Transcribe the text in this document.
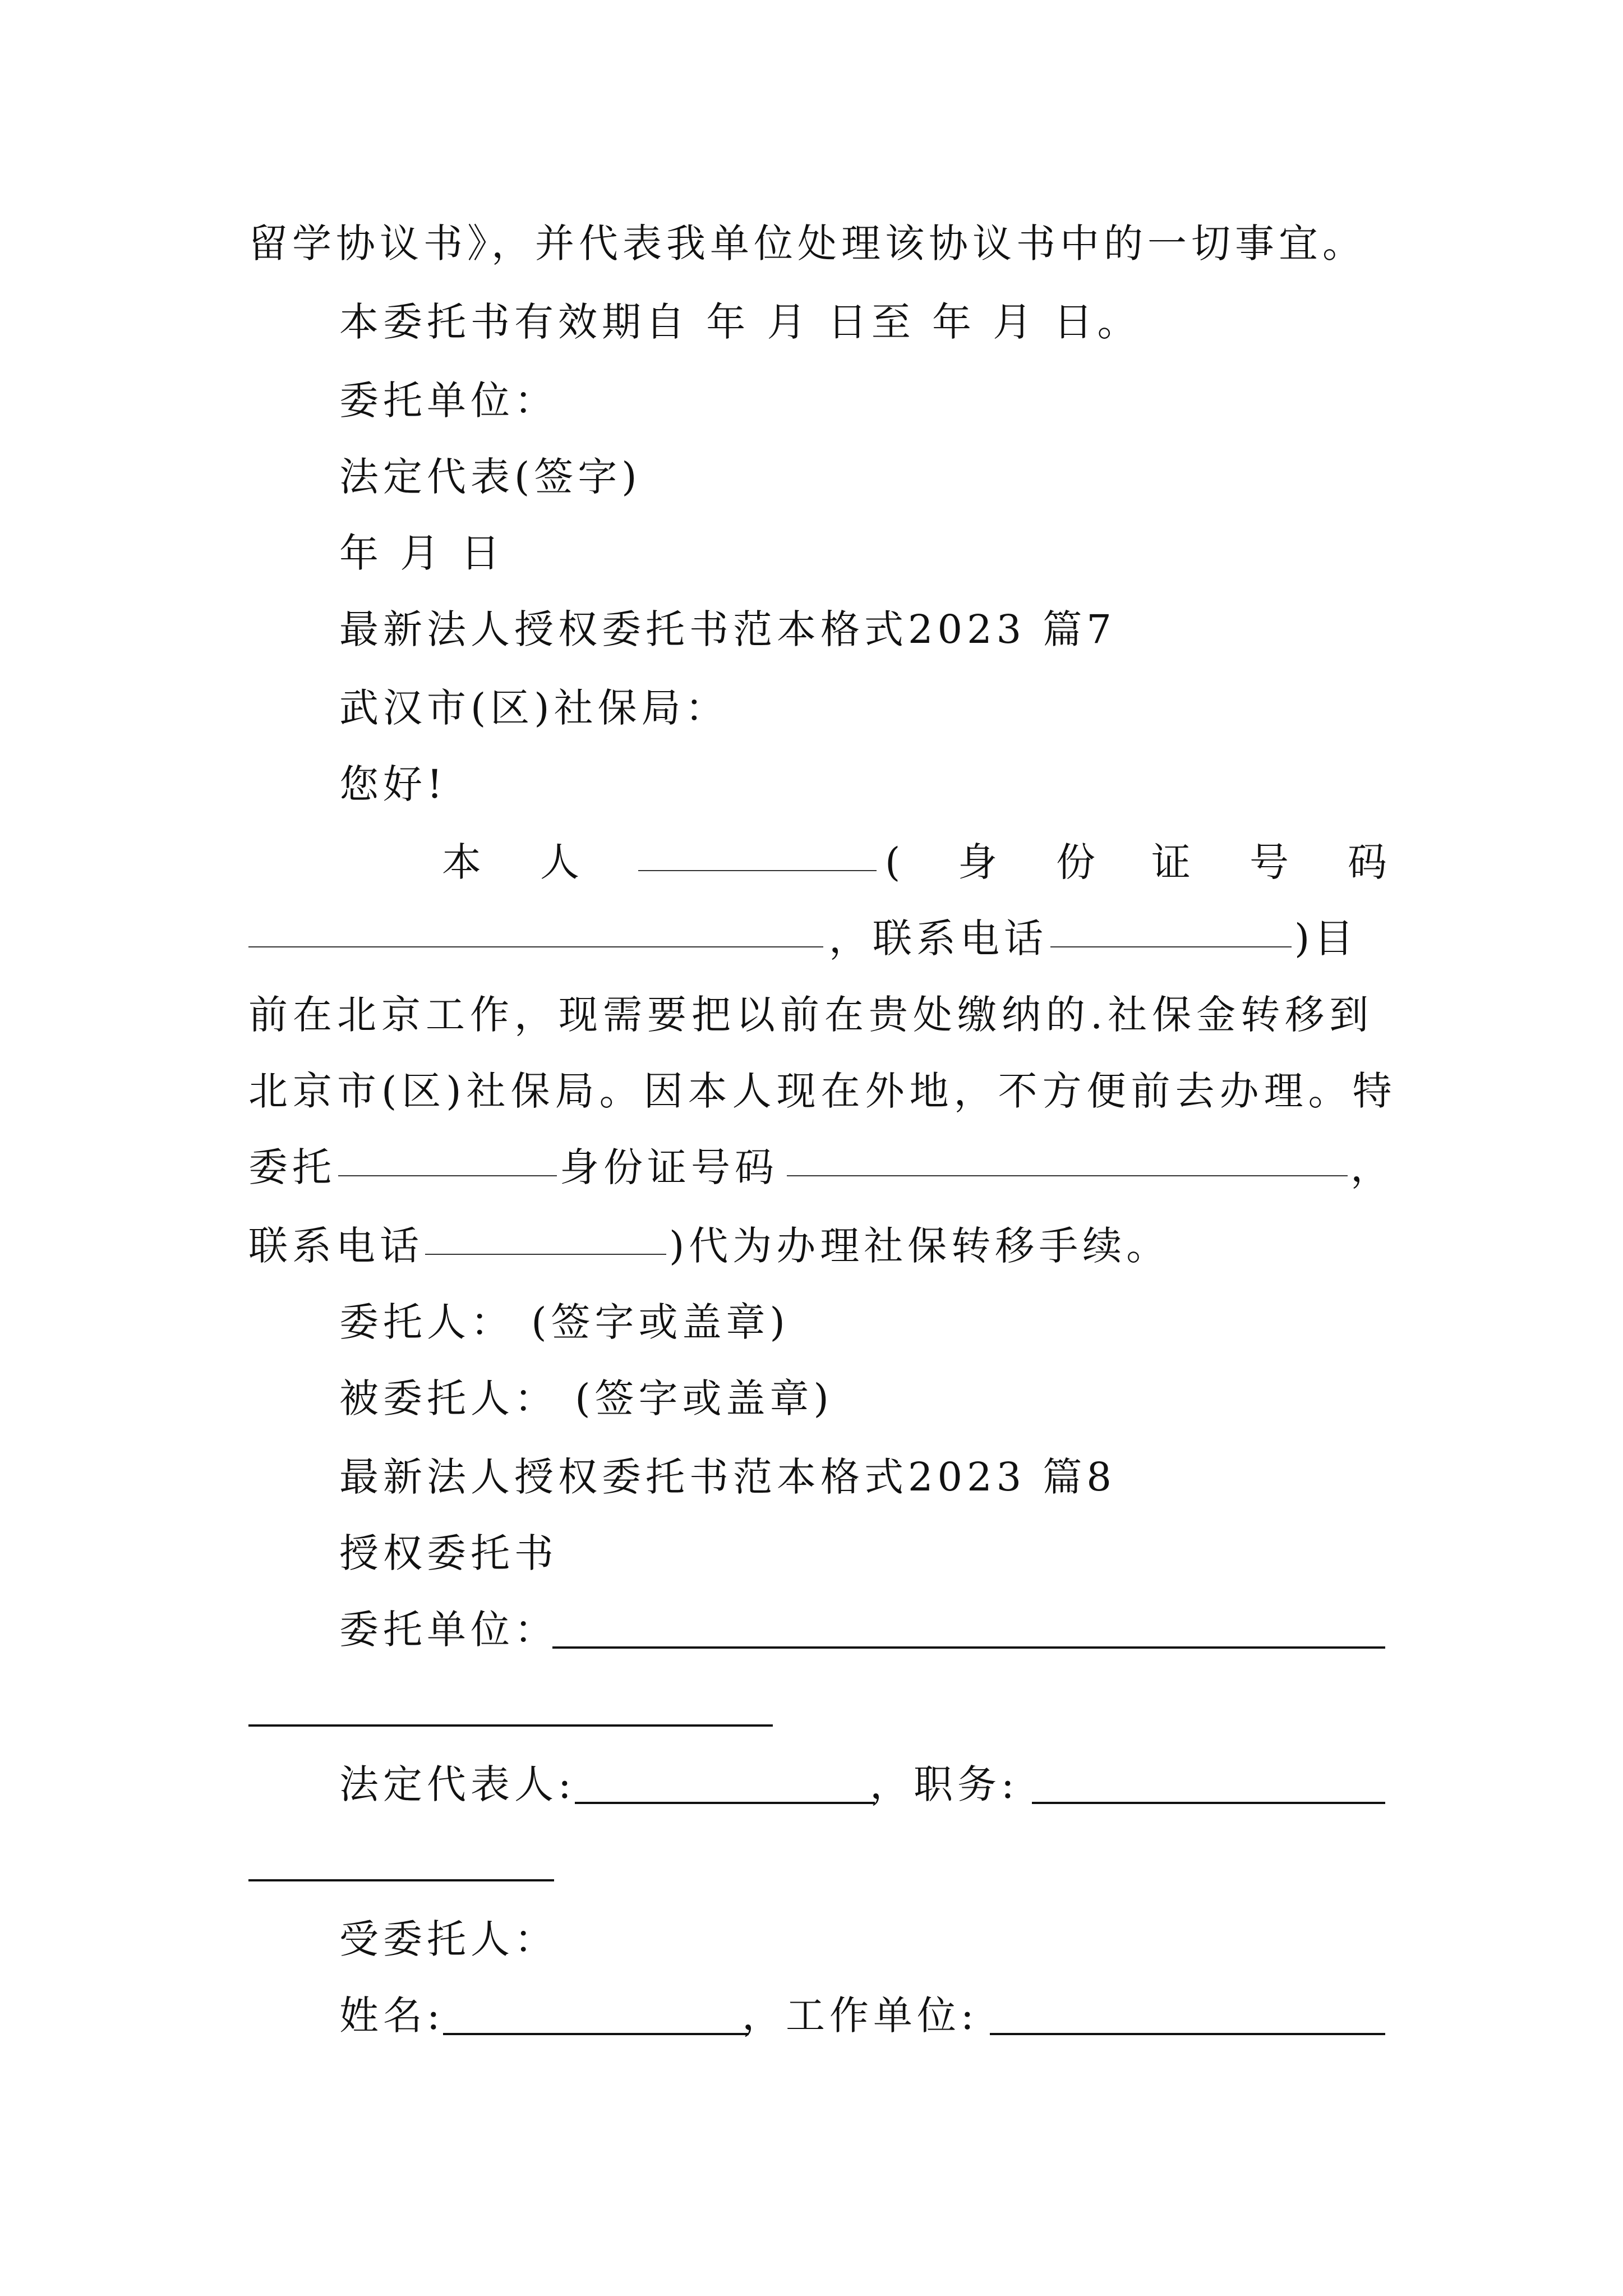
留学协议书》，并代表我单位处理该协议书中的一切事宜。
本委托书有效期自 年 月 日至 年 月 日。
委托单位：
法定代表(签字)
年 月 日
最新法人授权委托书范本格式2023 篇7
武汉市(区)社保局：
您好!
本 人	( 身 份 证 号 码
，联系电话	)目
前在北京工作，现需要把以前在贵处缴纳的.社保金转移到
北京市(区)社保局。因本人现在外地，不方便前去办理。特
委托	身份证号码	，
联系电话	)代为办理社保转移手续。
委托人： (签字或盖章)
被委托人： (签字或盖章)
最新法人授权委托书范本格式2023 篇8
授权委托书
委托单位：
法定代表人:	，职务:
受委托人：
姓名:	，工作单位:
